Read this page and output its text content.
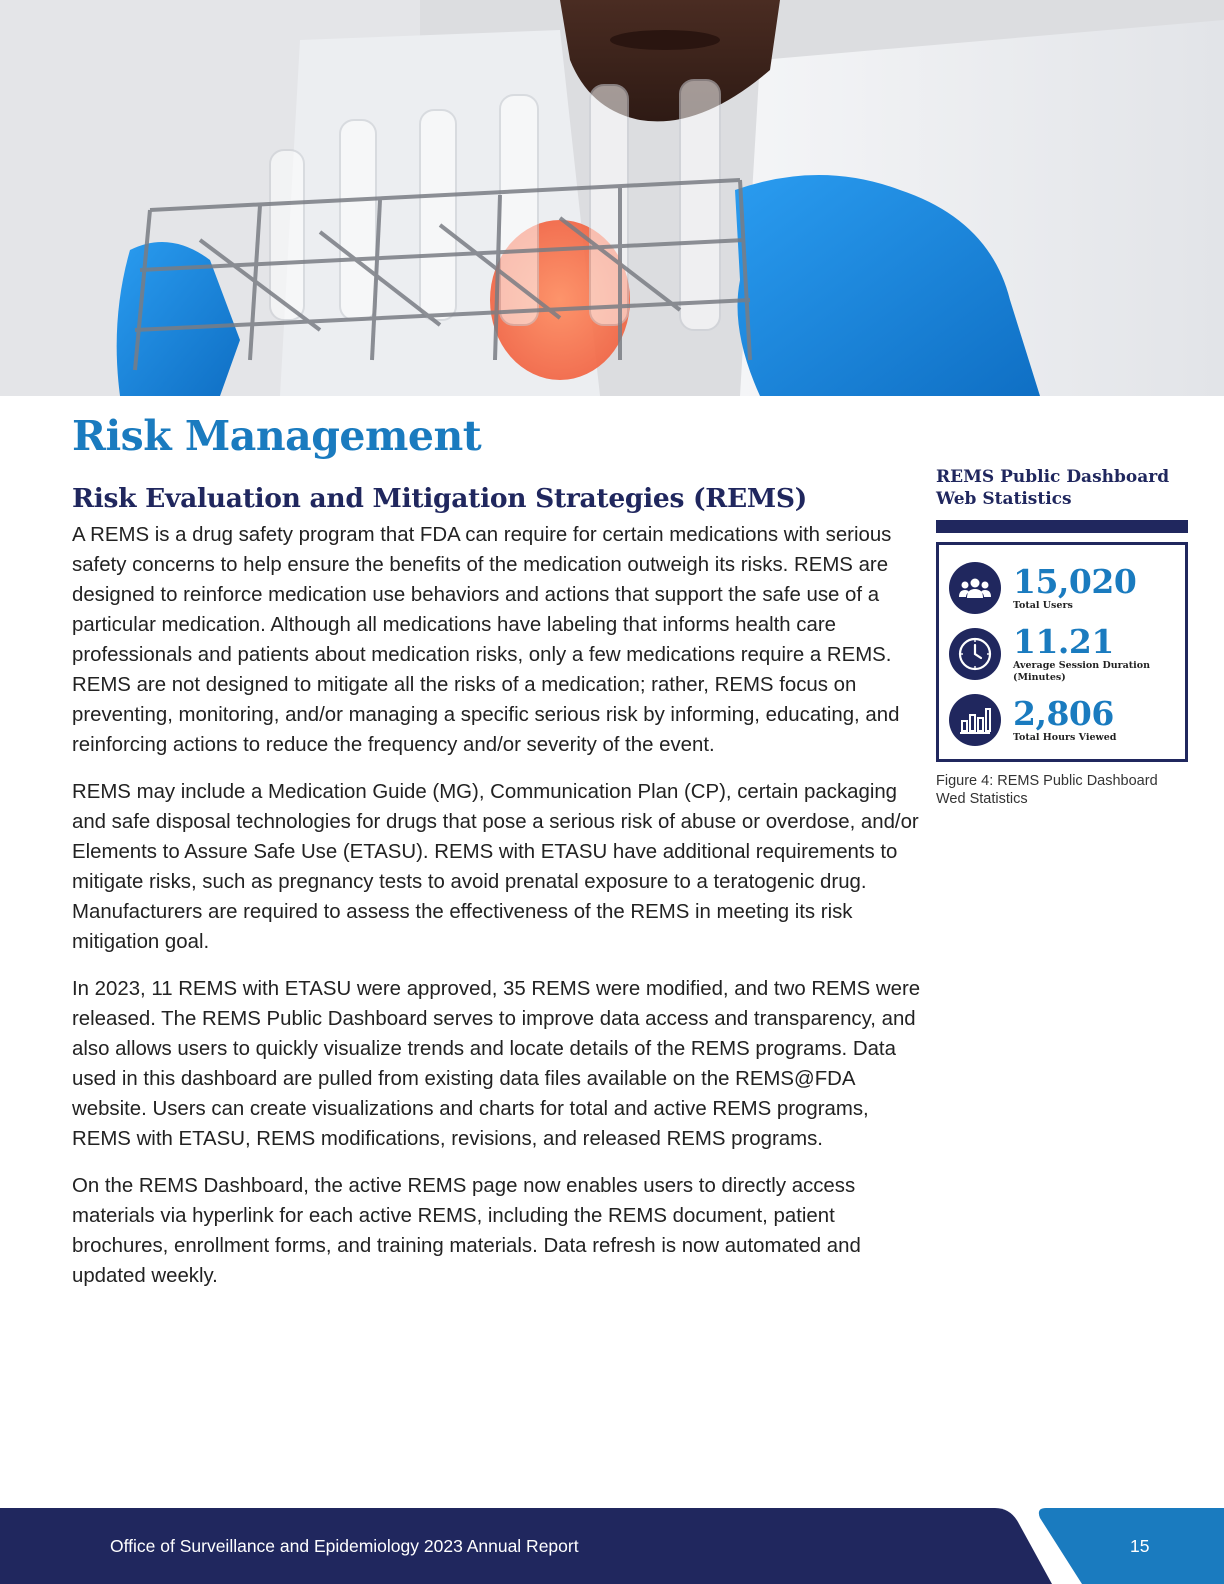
Risk Management
Risk Evaluation and Mitigation Strategies (REMS)

A REMS is a drug safety program that FDA can require for certain medications with serious safety concerns to help ensure the benefits of the medication outweigh its risks. REMS are designed to reinforce medication use behaviors and actions that support the safe use of a particular medication. Although all medications have labeling that informs health care professionals and patients about medication risks, only a few medications require a REMS. REMS are not designed to mitigate all the risks of a medication; rather, REMS focus on preventing, monitoring, and/or managing a specific serious risk by informing, educating, and reinforcing actions to reduce the frequency and/or severity of the event.

REMS may include a Medication Guide (MG), Communication Plan (CP), certain packaging and safe disposal technologies for drugs that pose a serious risk of abuse or overdose, and/or Elements to Assure Safe Use (ETASU). REMS with ETASU have additional requirements to mitigate risks, such as pregnancy tests to avoid prenatal exposure to a teratogenic drug. Manufacturers are required to assess the effectiveness of the REMS in meeting its risk mitigation goal.

In 2023, 11 REMS with ETASU were approved, 35 REMS were modified, and two REMS were released. The REMS Public Dashboard serves to improve data access and transparency, and also allows users to quickly visualize trends and locate details of the REMS programs. Data used in this dashboard are pulled from existing data files available on the REMS@FDA website. Users can create visualizations and charts for total and active REMS programs, REMS with ETASU, REMS modifications, revisions, and released REMS programs.

On the REMS Dashboard, the active REMS page now enables users to directly access materials via hyperlink for each active REMS, including the REMS document, patient brochures, enrollment forms, and training materials. Data refresh is now automated and updated weekly.

REMS Public Dashboard
Web Statistics
15,020
Total Users
11.21
Average Session Duration (Minutes)
2,806
Total Hours Viewed
Figure 4: REMS Public Dashboard Wed Statistics
Office of Surveillance and Epidemiology 2023 Annual Report	15
